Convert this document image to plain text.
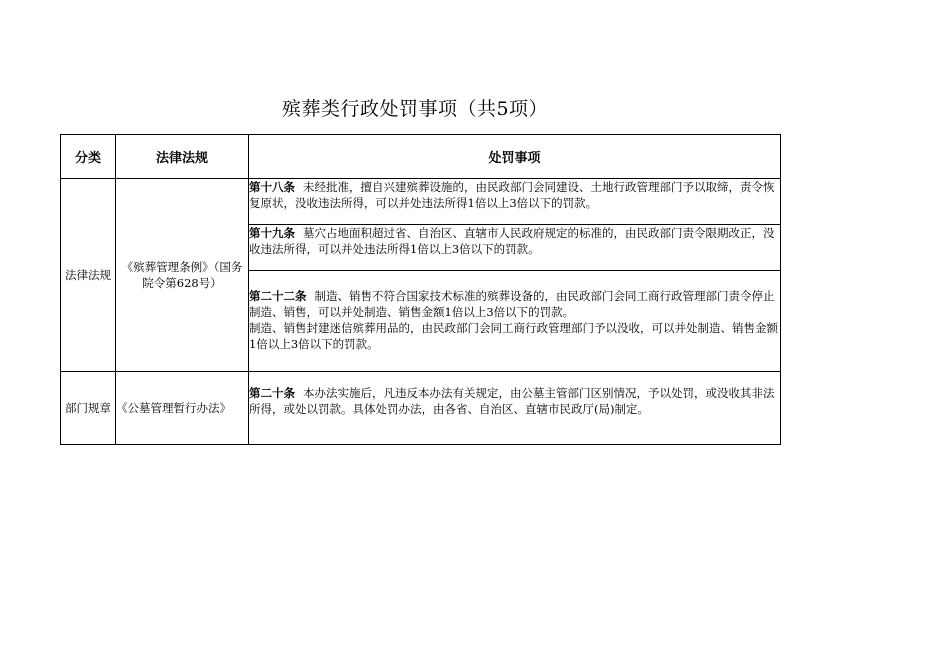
殡葬类行政处罚事项（共5项）
分类	法律法规	处罚事项
法律法规	《殡葬管理条例》（国务院令第628号）	第十八条 未经批准，擅自兴建殡葬设施的，由民政部门会同建设、土地行政管理部门予以取缔，责令恢复原状，没收违法所得，可以并处违法所得1倍以上3倍以下的罚款。
		第十九条 墓穴占地面积超过省、自治区、直辖市人民政府规定的标准的，由民政部门责令限期改正，没收违法所得，可以并处违法所得1倍以上3倍以下的罚款。
		第二十二条 制造、销售不符合国家技术标准的殡葬设备的，由民政部门会同工商行政管理部门责令停止制造、销售，可以并处制造、销售金额1倍以上3倍以下的罚款。
制造、销售封建迷信殡葬用品的，由民政部门会同工商行政管理部门予以没收，可以并处制造、销售金额1倍以上3倍以下的罚款。
部门规章	《公墓管理暂行办法》	第二十条 本办法实施后，凡违反本办法有关规定，由公墓主管部门区别情况，予以处罚，或没收其非法所得，或处以罚款。具体处罚办法，由各省、自治区、直辖市民政厅(局)制定。
